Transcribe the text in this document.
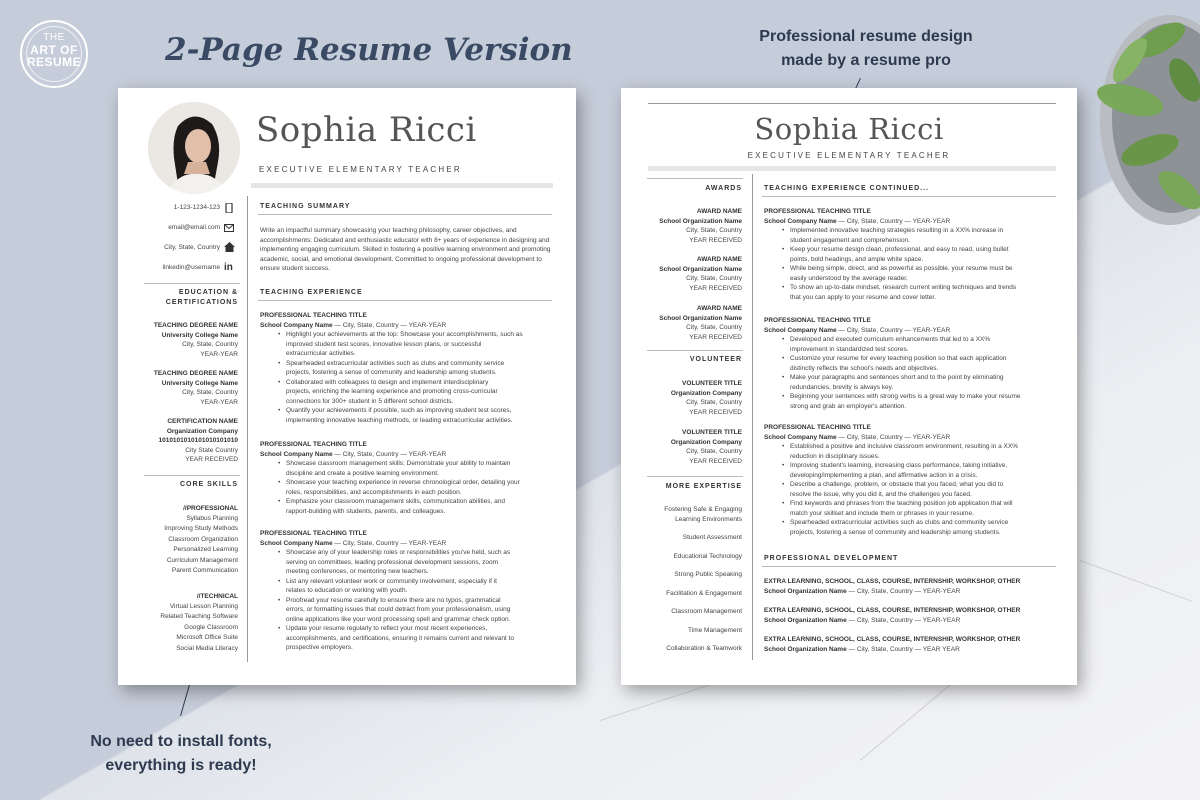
THE

ART OF
RESUME	2-Page Resume Version	Professional resume design made by a resume pro
No need to install fonts, everything is ready!
Sophia Ricci
EXECUTIVE ELEMENTARY TEACHER
1-123-1234-123
email@email.com
City, State, Country
linkedin@username in
EDUCATION &
CERTIFICATIONS
TEACHING DEGREE NAME
University College Name
City, State, Country
YEAR-YEAR
TEACHING DEGREE NAME
University College Name
City, State, Country
YEAR-YEAR
CERTIFICATION NAME
Organization Company
1010101010101010101010
City State Country
YEAR RECEIVED
CORE SKILLS
//PROFESSIONAL
Syllabus Planning
Improving Study Methods
Classroom Organization
Personalized Learning
Curriculum Management
Parent Communication
//TECHNICAL
Virtual Lesson Planning
Related Teaching Software
Google Classroom
Microsoft Office Suite
Social Media Literacy
TEACHING SUMMARY
Write an impactful summary showcasing your teaching philosophy, career objectives, and accomplishments: Dedicated and enthusiastic educator with 8+ years of experience in designing and implementing engaging curriculum. Skilled in fostering a positive learning environment and promoting academic, social, and emotional development. Committed to ongoing professional development to ensure student success.
TEACHING EXPERIENCE
PROFESSIONAL TEACHING TITLE
School Company Name — City, State, Country — YEAR-YEAR
• Highlight your achievements at the top: Showcase your accomplishments, such as
improved student test scores, innovative lesson plans, or successful
extracurricular activities.
• Spearheaded extracurricular activities such as clubs and community service
projects, fostering a sense of community and leadership among students.
• Collaborated with colleagues to design and implement interdisciplinary
projects, enriching the learning experience and promoting cross-curricular
connections for 300+ student in 5 different school districts.
• Quantify your achievements if possible, such as improving student test scores,
implementing innovative teaching methods, or leading extracurricular activities.
PROFESSIONAL TEACHING TITLE
School Company Name — City, State, Country — YEAR-YEAR
• Showcase classroom management skills: Demonstrate your ability to maintain
discipline and create a positive learning environment.
• Showcase your teaching experience in reverse chronological order, detailing your
roles, responsibilities, and accomplishments in each position.
• Emphasize your classroom management skills, communication abilities, and
rapport-building with students, parents, and colleagues.
PROFESSIONAL TEACHING TITLE
School Company Name — City, State, Country — YEAR-YEAR
• Showcase any of your leadership roles or responsibilities you've held, such as
serving on committees, leading professional development sessions, zoom
meeting conferences, or mentoring new teachers.
• List any relevant volunteer work or community involvement, especially if it
relates to education or working with youth.
• Proofread your resume carefully to ensure there are no typos, grammatical
errors, or formatting issues that could detract from your professionalism, using
online applications like your word processing spell and grammar check option.
• Update your resume regularly to reflect your most recent experiences,
accomplishments, and certifications, ensuring it remains current and relevant to
prospective employers.
Sophia Ricci
EXECUTIVE ELEMENTARY TEACHER
AWARDS
AWARD NAME
School Organization Name
City, State, Country
YEAR RECEIVED
AWARD NAME
School Organization Name
City, State, Country
YEAR RECEIVED
AWARD NAME
School Organization Name
City, State, Country
YEAR RECEIVED
VOLUNTEER
VOLUNTEER TITLE
Organization Company
City, State, Country
YEAR RECEIVED
VOLUNTEER TITLE
Organization Company
City, State, Country
YEAR RECEIVED
MORE EXPERTISE
Fostering Safe & Engaging
Learning Environments
Student Assessment
Educational Technology
Strong Public Speaking
Facilitation & Engagement
Classroom Management
Time Management
Collaboration & Teamwork
TEACHING EXPERIENCE CONTINUED...
PROFESSIONAL TEACHING TITLE
School Company Name — City, State, Country — YEAR-YEAR
• Implemented innovative teaching strategies resulting in a XX% increase in
student engagement and comprehension.
• Keep your resume design clean, professional, and easy to read, using bullet
points, bold headings, and ample white space.
• While being simple, direct, and as powerful as possible, your resume must be
easily understood by the average reader.
• To show an up-to-date mindset, research current writing techniques and trends
that you can apply to your resume and cover letter.
PROFESSIONAL TEACHING TITLE
School Company Name — City, State, Country — YEAR-YEAR
• Developed and executed curriculum enhancements that led to a XX%
improvement in standardized test scores.
• Customize your resume for every teaching position so that each application
distinctly reflects the school's needs and objectives.
• Make your paragraphs and sentences short and to the point by eliminating
redundancies, brevity is always key.
• Beginning your sentences with strong verbs is a great way to make your resume
strong and grab an employer's attention.
PROFESSIONAL TEACHING TITLE
School Company Name — City, State, Country — YEAR-YEAR
• Established a positive and inclusive classroom environment, resulting in a XX%
reduction in disciplinary issues.
• Improving student's learning, increasing class performance, taking initiative,
developing/implementing a plan, and affirmative action in a crisis.
• Describe a challenge, problem, or obstacle that you faced, what you did to
resolve the issue, why you did it, and the challenges you faced.
• Find keywords and phrases from the teaching position job application that will
match your skillset and include them or phrases in your resume.
• Spearheaded extracurricular activities such as clubs and community service
projects, fostering a sense of community and leadership among students.
PROFESSIONAL DEVELOPMENT
EXTRA LEARNING, SCHOOL, CLASS, COURSE, INTERNSHIP, WORKSHOP, OTHER
School Organization Name — City, State, Country — YEAR-YEAR
EXTRA LEARNING, SCHOOL, CLASS, COURSE, INTERNSHIP, WORKSHOP, OTHER
School Organization Name — City, State, Country — YEAR-YEAR
EXTRA LEARNING, SCHOOL, CLASS, COURSE, INTERNSHIP, WORKSHOP, OTHER
School Organization Name — City, State, Country — YEAR YEAR
